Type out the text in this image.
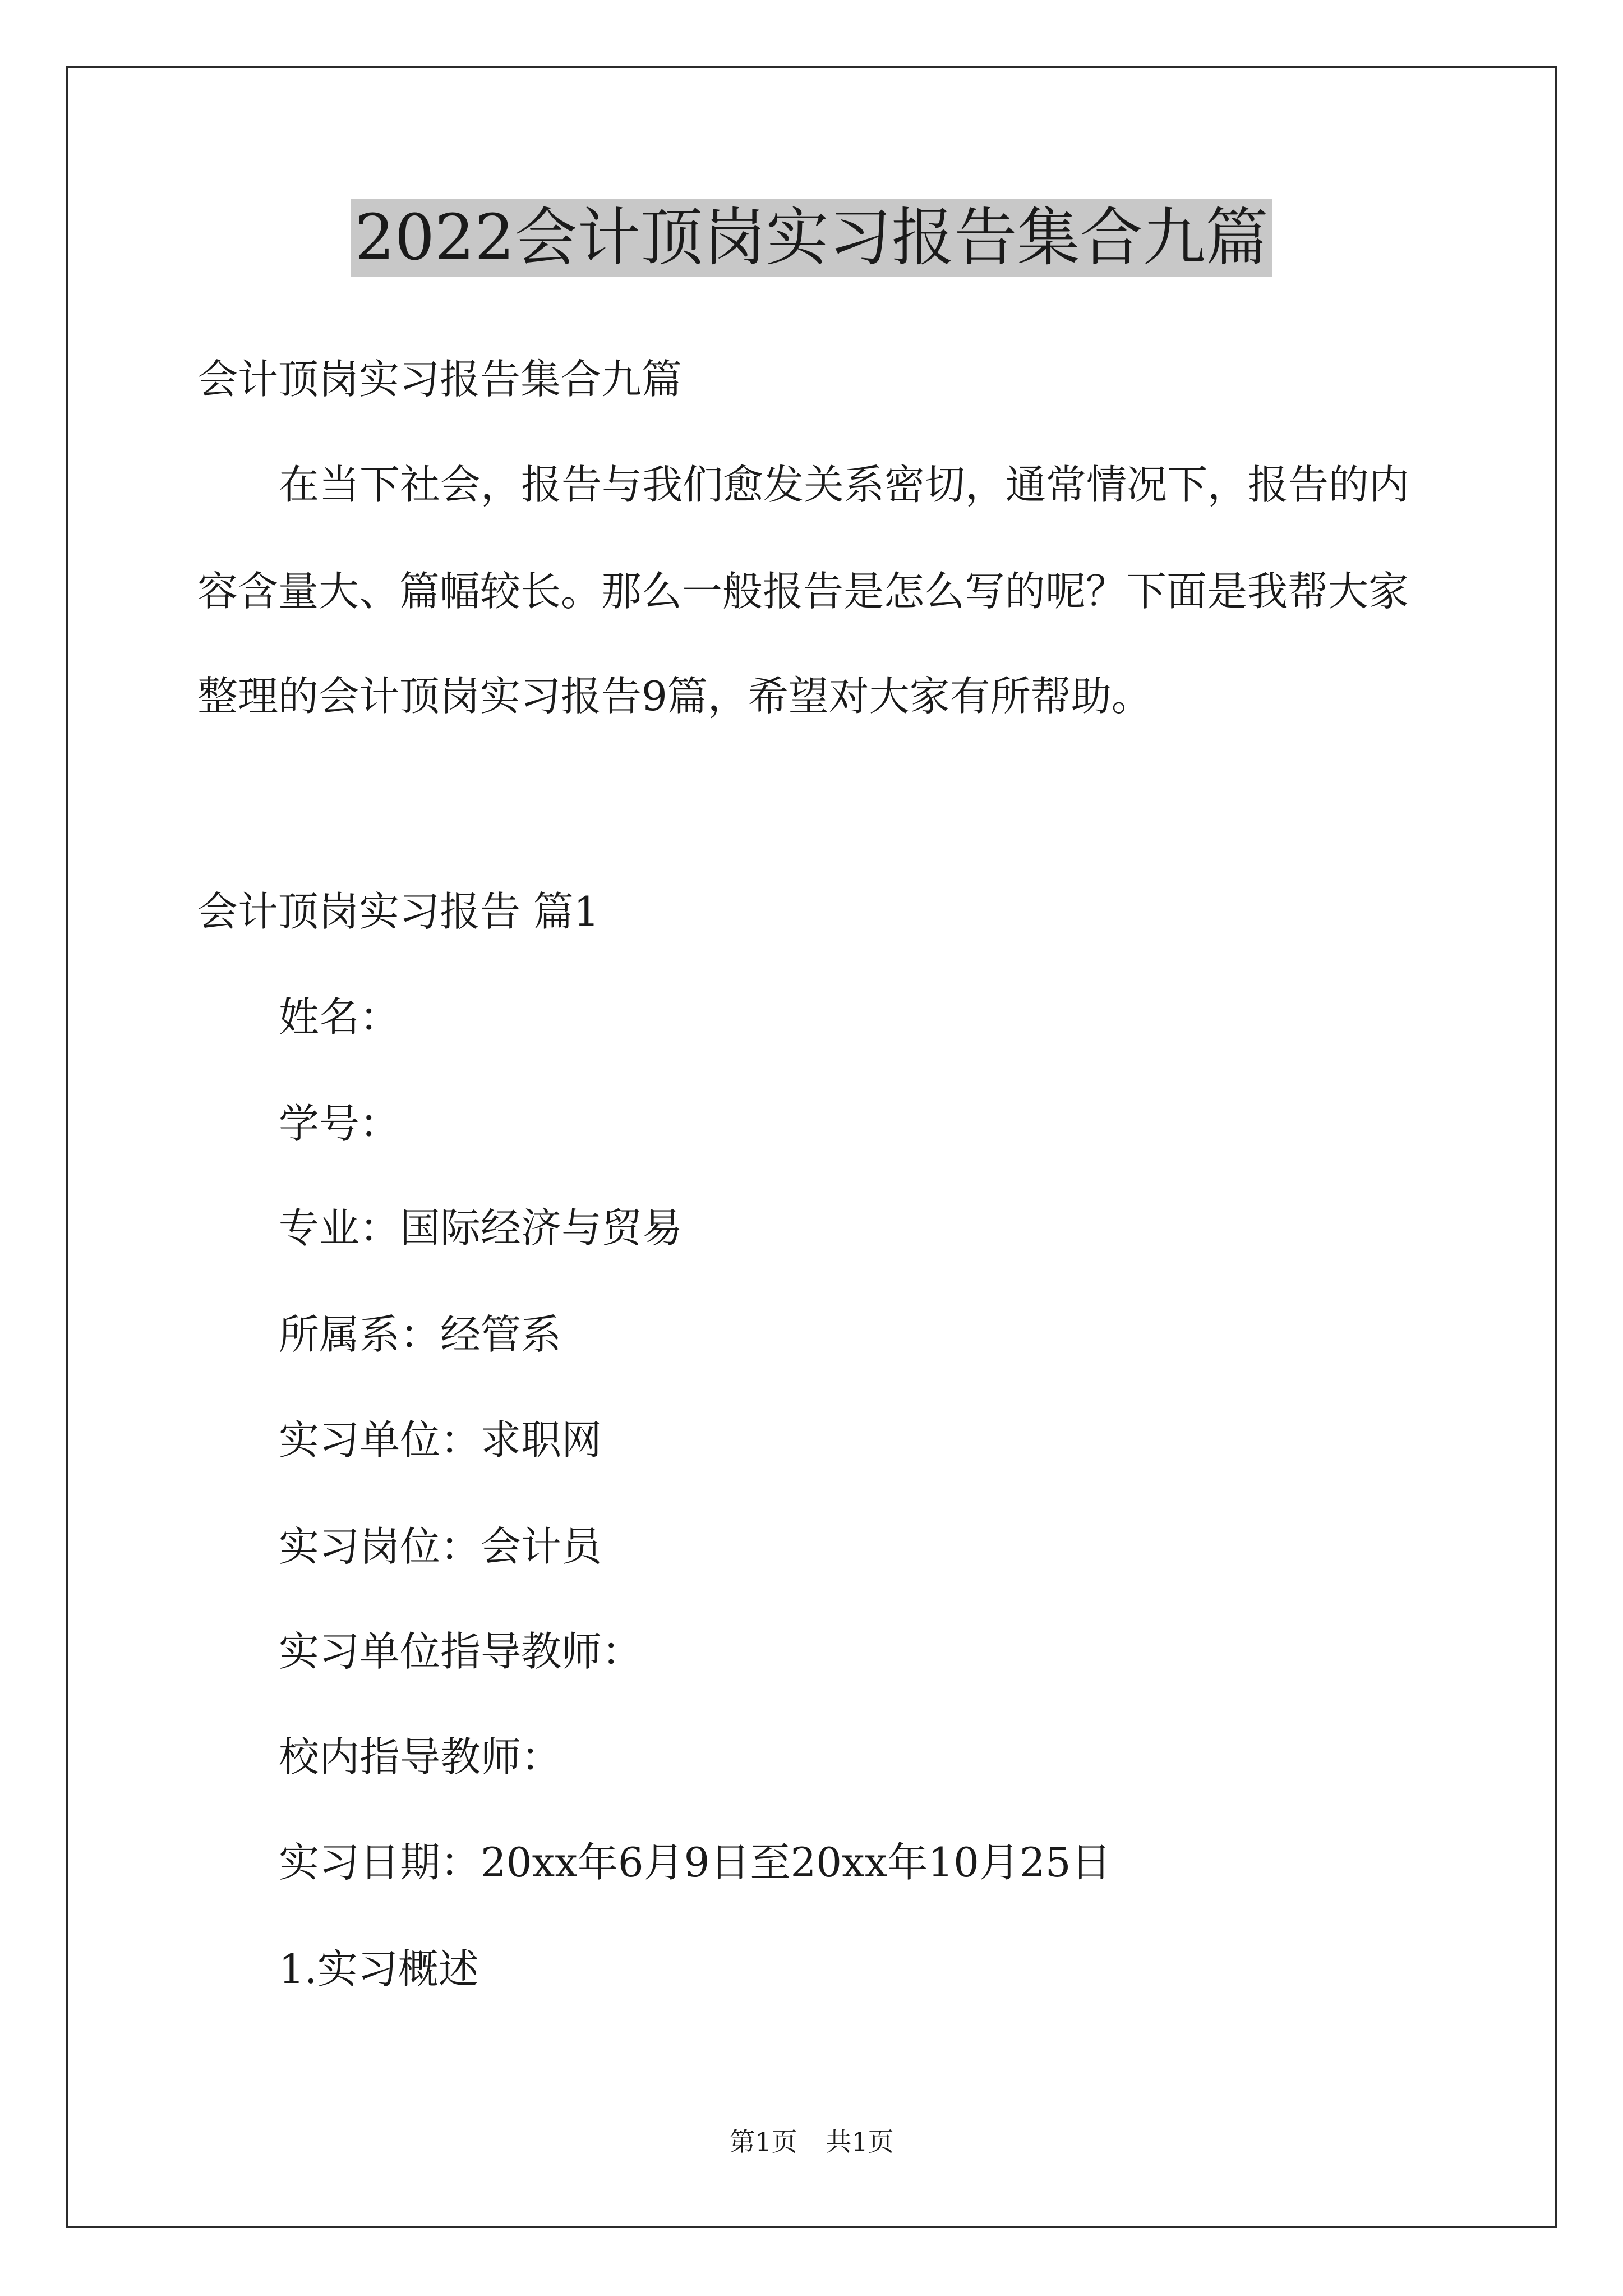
2022会计顶岗实习报告集合九篇
会计顶岗实习报告集合九篇
在当下社会，报告与我们愈发关系密切，通常情况下，报告的内
容含量大、篇幅较长。那么一般报告是怎么写的呢？下面是我帮大家
整理的会计顶岗实习报告9篇，希望对大家有所帮助。
会计顶岗实习报告 篇1
姓名：
学号：
专业：国际经济与贸易
所属系：经管系
实习单位：求职网
实习岗位：会计员
实习单位指导教师：
校内指导教师：
实习日期：20xx年6月9日至20xx年10月25日
1.实习概述
第1页 共1页
